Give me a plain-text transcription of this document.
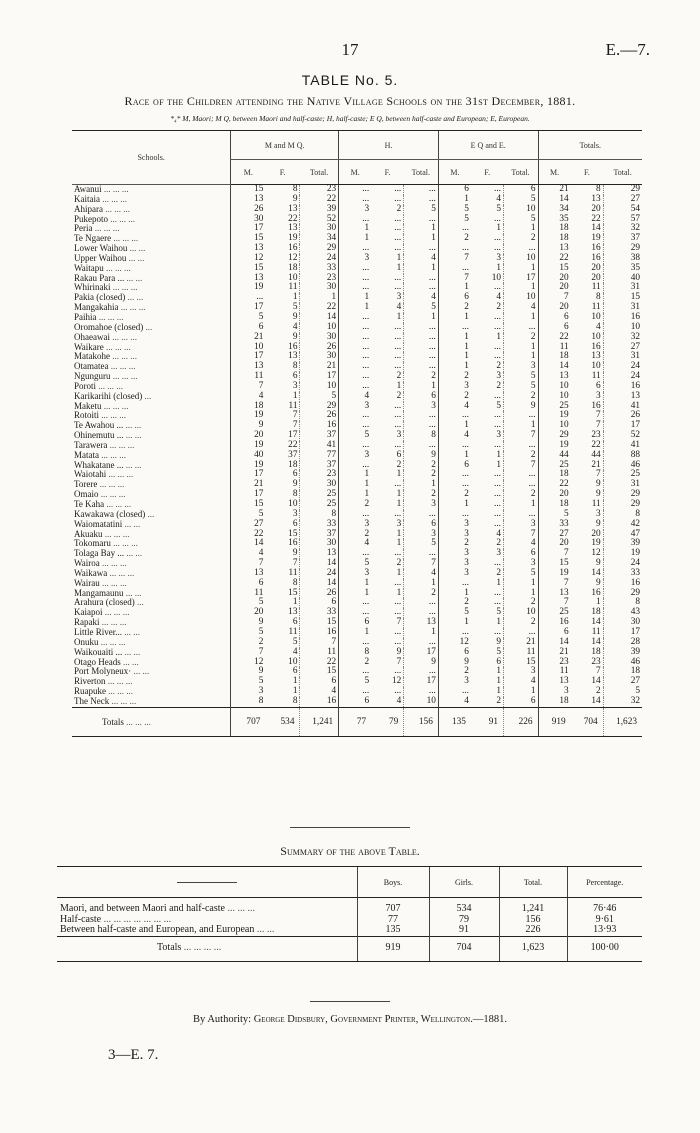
17	E.—7.
TABLE No. 5.
Race of the Children attending the Native Village Schools on the 31st December, 1881.
*₄* M, Maori; M Q, between Maori and half-caste; H, half-caste; E Q, between half-caste and European; E, European.
Schools.	M and M Q.			H.			E Q and E.			Totals.		
	M.	F.	Total.	M.	F.	Total.	M.	F.	Total.	M.	F.	Total.
Awanui ... ... ...	15	8	23	...	...	...	6	...	6	21	8	29
Kaitaia ... ... ...	13	9	22	...	...	...	1	4	5	14	13	27
Ahipara ... ... ...	26	13	39	3	2	5	5	5	10	34	20	54
Pukepoto ... ... ...	30	22	52	...	...	...	5	...	5	35	22	57
Peria ... ... ...	17	13	30	1	...	1	...	1	1	18	14	32
Te Ngaere ... ... ...	15	19	34	1	...	1	2	...	2	18	19	37
Lower Waihou ... ...	13	16	29	...	...	...	...	...	...	13	16	29
Upper Waihou ... ...	12	12	24	3	1	4	7	3	10	22	16	38
Waitapu ... ... ...	15	18	33	...	1	1	...	1	1	15	20	35
Rakau Para ... ... ...	13	10	23	...	...	...	7	10	17	20	20	40
Whirinaki ... ... ...	19	11	30	...	...	...	1	...	1	20	11	31
Pakia (closed) ... ...	...	1	1	1	3	4	6	4	10	7	8	15
Mangakahia ... ... ...	17	5	22	1	4	5	2	2	4	20	11	31
Paihia ... ... ...	5	9	14	...	1	1	1	...	1	6	10	16
Oromahoe (closed) ...	6	4	10	...	...	...	...	...	...	6	4	10
Ohaeawai ... ... ...	21	9	30	...	...	...	1	1	2	22	10	32
Waikare ... ... ...	10	16	26	...	...	...	1	...	1	11	16	27
Matakohe ... ... ...	17	13	30	...	...	...	1	...	1	18	13	31
Otamatea ... ... ...	13	8	21	...	...	...	1	2	3	14	10	24
Ngunguru ... ... ...	11	6	17	...	2	2	2	3	5	13	11	24
Poroti ... ... ...	7	3	10	...	1	1	3	2	5	10	6	16
Karikarihi (closed) ...	4	1	5	4	2	6	2	...	2	10	3	13
Maketu ... ... ...	18	11	29	3	...	3	4	5	9	25	16	41
Rotoiti ... ... ...	19	7	26	...	...	...	...	...	...	19	7	26
Te Awahou ... ... ...	9	7	16	...	...	...	1	...	1	10	7	17
Ohinemutu ... ... ...	20	17	37	5	3	8	4	3	7	29	23	52
Tarawera ... ... ...	19	22	41	...	...	...	...	...	...	19	22	41
Matata ... ... ...	40	37	77	3	6	9	1	1	2	44	44	88
Whakatane ... ... ...	19	18	37	...	2	2	6	1	7	25	21	46
Waiotahi ... ... ...	17	6	23	1	1	2	...	...	...	18	7	25
Torere ... ... ...	21	9	30	1	...	1	...	...	...	22	9	31
Omaio ... ... ...	17	8	25	1	1	2	2	...	2	20	9	29
Te Kaha ... ... ...	15	10	25	2	1	3	1	...	1	18	11	29
Kawakawa (closed) ...	5	3	8	...	...	...	...	...	...	5	3	8
Waiomatatini ... ...	27	6	33	3	3	6	3	...	3	33	9	42
Akuaku ... ... ...	22	15	37	2	1	3	3	4	7	27	20	47
Tokomaru ... ... ...	14	16	30	4	1	5	2	2	4	20	19	39
Tolaga Bay ... ... ...	4	9	13	...	...	...	3	3	6	7	12	19
Wairoa ... ... ...	7	7	14	5	2	7	3	...	3	15	9	24
Waikawa ... ... ...	13	11	24	3	1	4	3	2	5	19	14	33
Wairau ... ... ...	6	8	14	1	...	1	...	1	1	7	9	16
Mangamaunu ... ...	11	15	26	1	1	2	1	...	1	13	16	29
Arahura (closed) ...	5	1	6	...	...	...	2	...	2	7	1	8
Kaiapoi ... ... ...	20	13	33	...	...	...	5	5	10	25	18	43
Rapaki ... ... ...	9	6	15	6	7	13	1	1	2	16	14	30
Little River... ... ...	5	11	16	1	...	1	...	...	...	6	11	17
Onuku ... ... ...	2	5	7	...	...	...	12	9	21	14	14	28
Waikouaiti ... ... ...	7	4	11	8	9	17	6	5	11	21	18	39
Otago Heads ... ...	12	10	22	2	7	9	9	6	15	23	23	46
Port Molyneux· ... ...	9	6	15	...	...	...	2	1	3	11	7	18
Riverton ... ... ...	5	1	6	5	12	17	3	1	4	13	14	27
Ruapuke ... ... ...	3	1	4	...	...	...	...	1	1	3	2	5
The Neck ... ... ...	8	8	16	6	4	10	4	2	6	18	14	32
Totals ... ... ...	707	534	1,241	77	79	156	135	91	226	919	704	1,623
Summary of the above Table.
	Boys.	Girls.	Total.	Percentage.
Maori, and between Maori and half-caste ... ... ...	707	534	1,241	76·46
Half-caste ... ... ... ... ... ... ...	77	79	156	9·61
Between half-caste and European, and European ... ...	135	91	226	13·93
Totals ... ... ... ...	919	704	1,623	100·00
By Authority: George Didsbury, Government Printer, Wellington.—1881.
3—E. 7.
